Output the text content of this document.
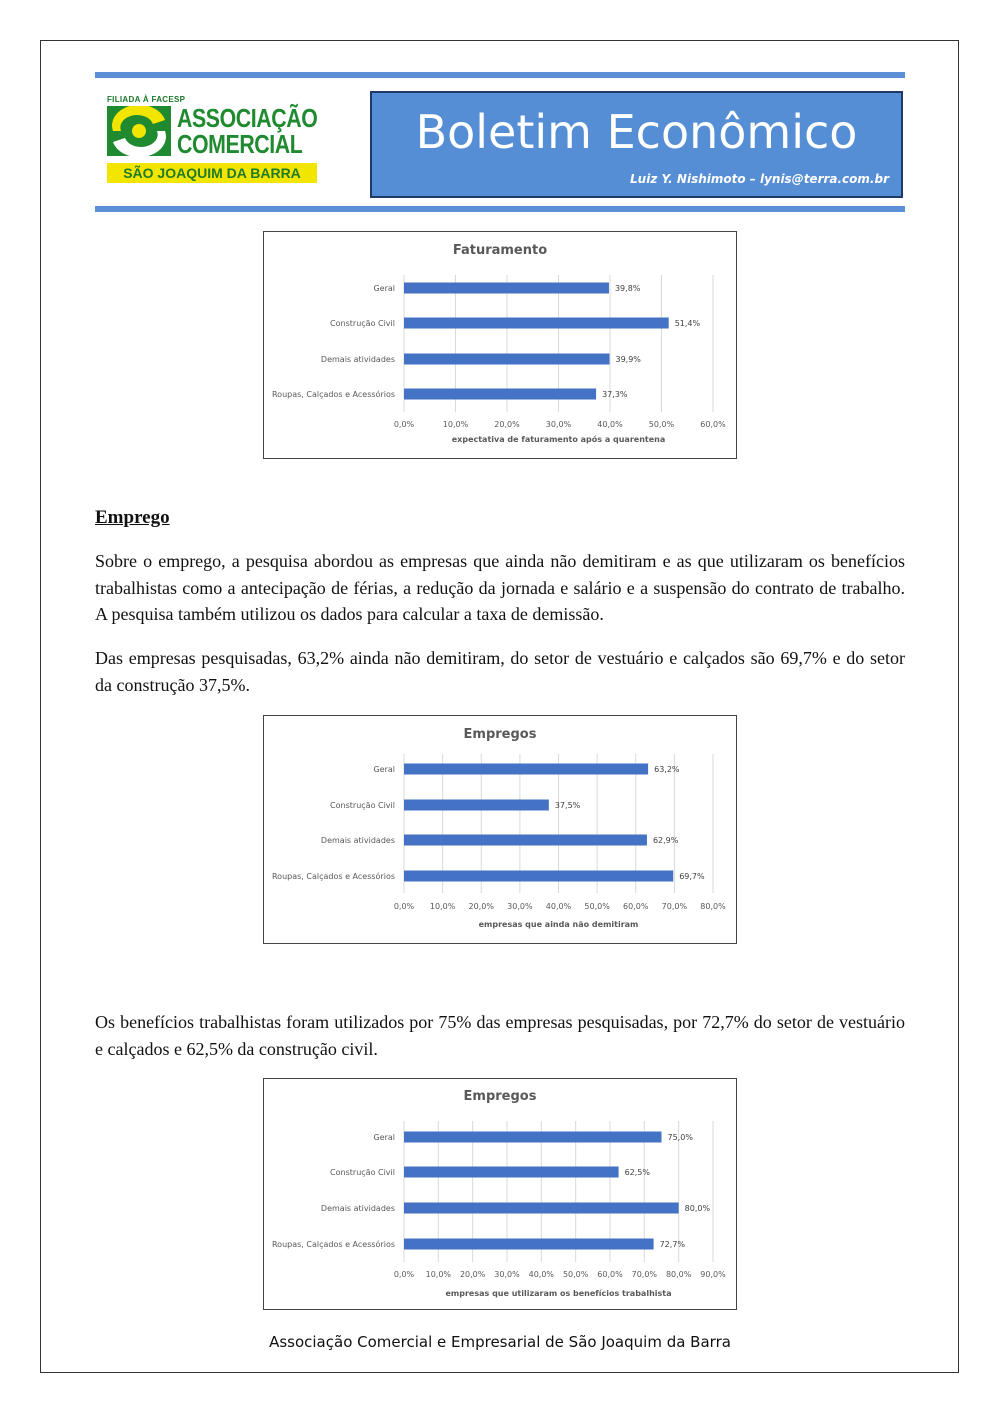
FILIADA À FACESP
ASSOCIAÇÃO
COMERCIAL
SÃO JOAQUIM DA BARRA
Boletim Econômico
Luiz Y. Nishimoto – lynis@terra.com.br
Faturamento
0,0%	10,0%	20,0%	30,0%	40,0%	50,0%	60,0%
Geral	39,8%
Construção Civil	51,4%
Demais atividades	39,9%
Roupas, Calçados e Acessórios	37,3%
expectativa de faturamento após a quarentena
Emprego

Sobre o emprego, a pesquisa abordou as empresas que ainda não demitiram e as que utilizaram os benefícios trabalhistas como a antecipação de férias, a redução da jornada e salário e a suspensão do contrato de trabalho. A pesquisa também utilizou os dados para calcular a taxa de demissão.

Das empresas pesquisadas, 63,2% ainda não demitiram, do setor de vestuário e calçados são 69,7% e do setor da construção 37,5%.

Empregos
0,0% 10,0% 20,0% 30,0% 40,0% 50,0% 60,0% 70,0% 80,0%
Geral	63,2%
Construção Civil	37,5%
Demais atividades	62,9%
Roupas, Calçados e Acessórios	69,7%
empresas que ainda não demitiram

Os benefícios trabalhistas foram utilizados por 75% das empresas pesquisadas, por 72,7% do setor de vestuário e calçados e 62,5% da construção civil.

Empregos
0,0% 10,0% 20,0% 30,0% 40,0% 50,0% 60,0% 70,0% 80,0% 90,0%
Geral	75,0%
Construção Civil	62,5%
Demais atividades	80,0%
Roupas, Calçados e Acessórios	72,7%
empresas que utilizaram os benefícios trabalhista
Associação Comercial e Empresarial de São Joaquim da Barra
